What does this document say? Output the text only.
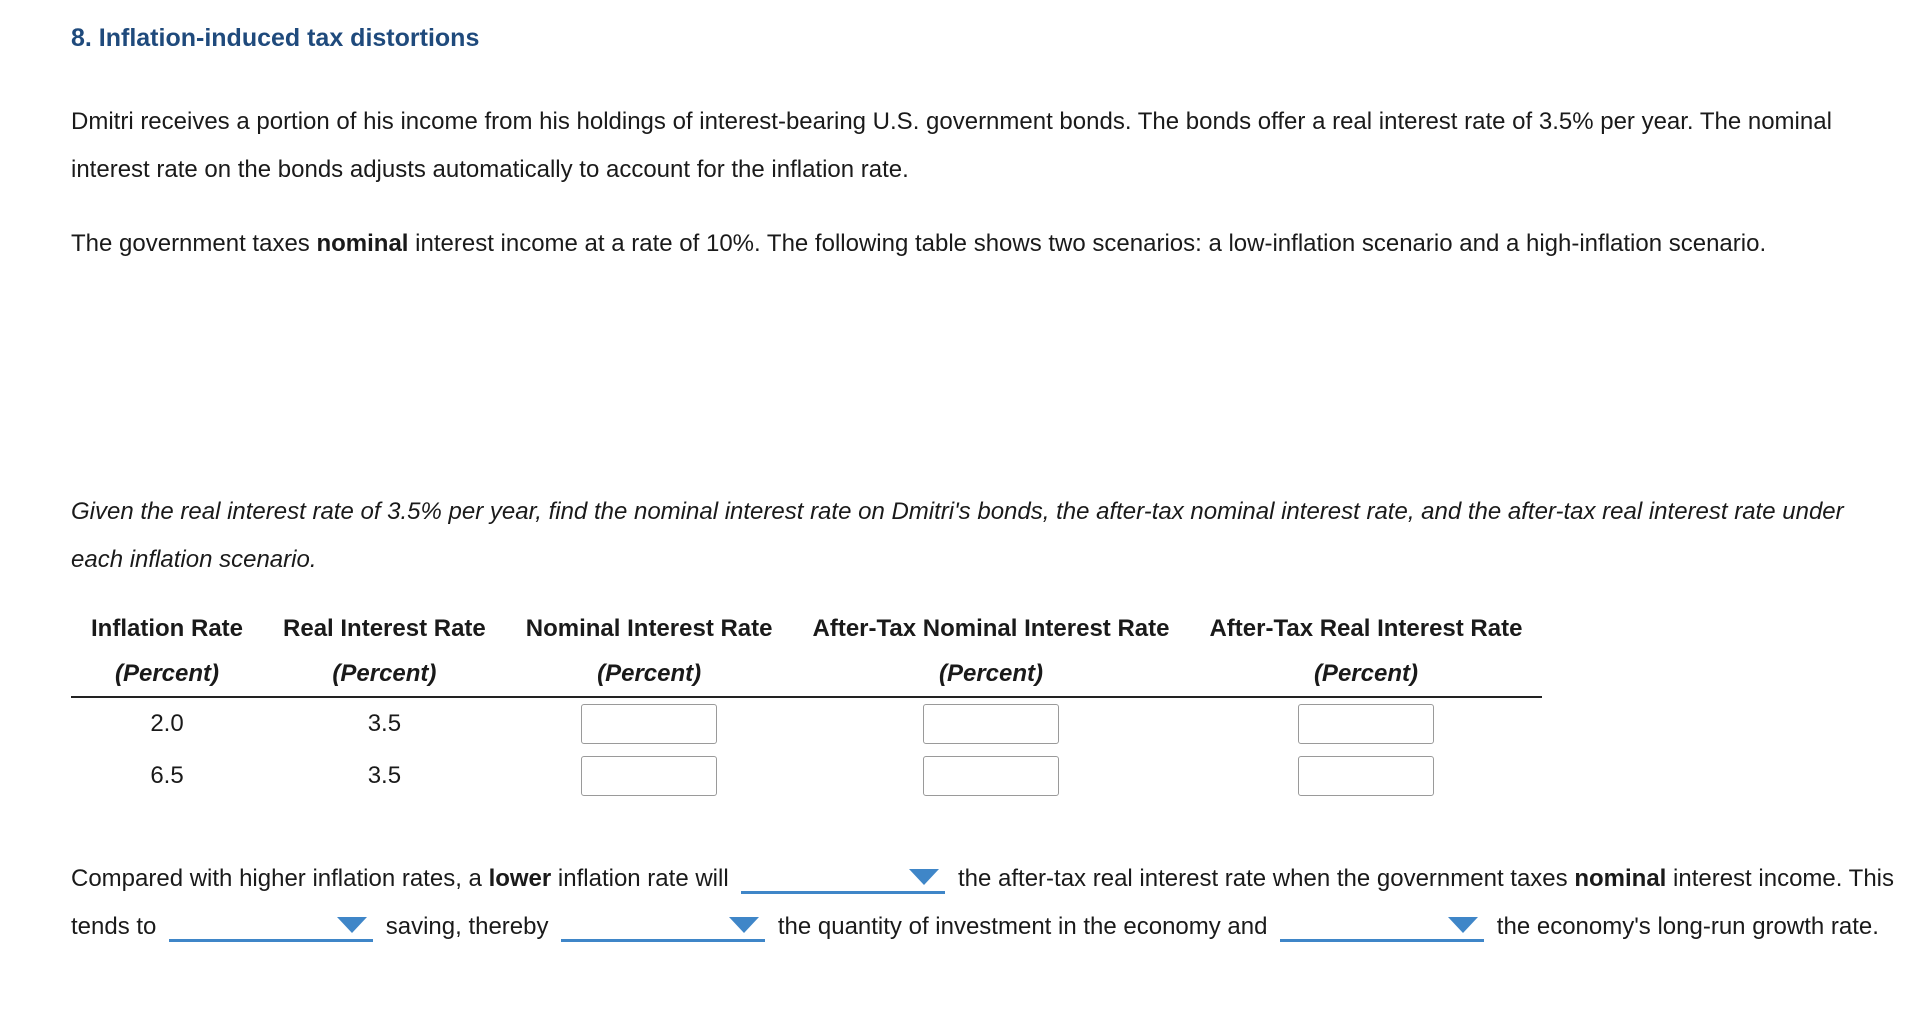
8. Inflation-induced tax distortions
Dmitri receives a portion of his income from his holdings of interest-bearing U.S. government bonds. The bonds offer a real interest rate of 3.5% per year. The nominal interest rate on the bonds adjusts automatically to account for the inflation rate.
The government taxes nominal interest income at a rate of 10%. The following table shows two scenarios: a low-inflation scenario and a high-inflation scenario.
Given the real interest rate of 3.5% per year, find the nominal interest rate on Dmitri's bonds, the after-tax nominal interest rate, and the after-tax real interest rate under each inflation scenario.
Inflation Rate	Real Interest Rate	Nominal Interest Rate	After-Tax Nominal Interest Rate	After-Tax Real Interest Rate
(Percent)	(Percent)	(Percent)	(Percent)	(Percent)
2.0	3.5			
6.5	3.5			
Compared with higher inflation rates, a lower inflation rate will	the after-tax real interest rate when the government taxes nominal interest income. This tends to	saving, thereby	the quantity of investment in the economy and	the economy's long-run growth rate.
